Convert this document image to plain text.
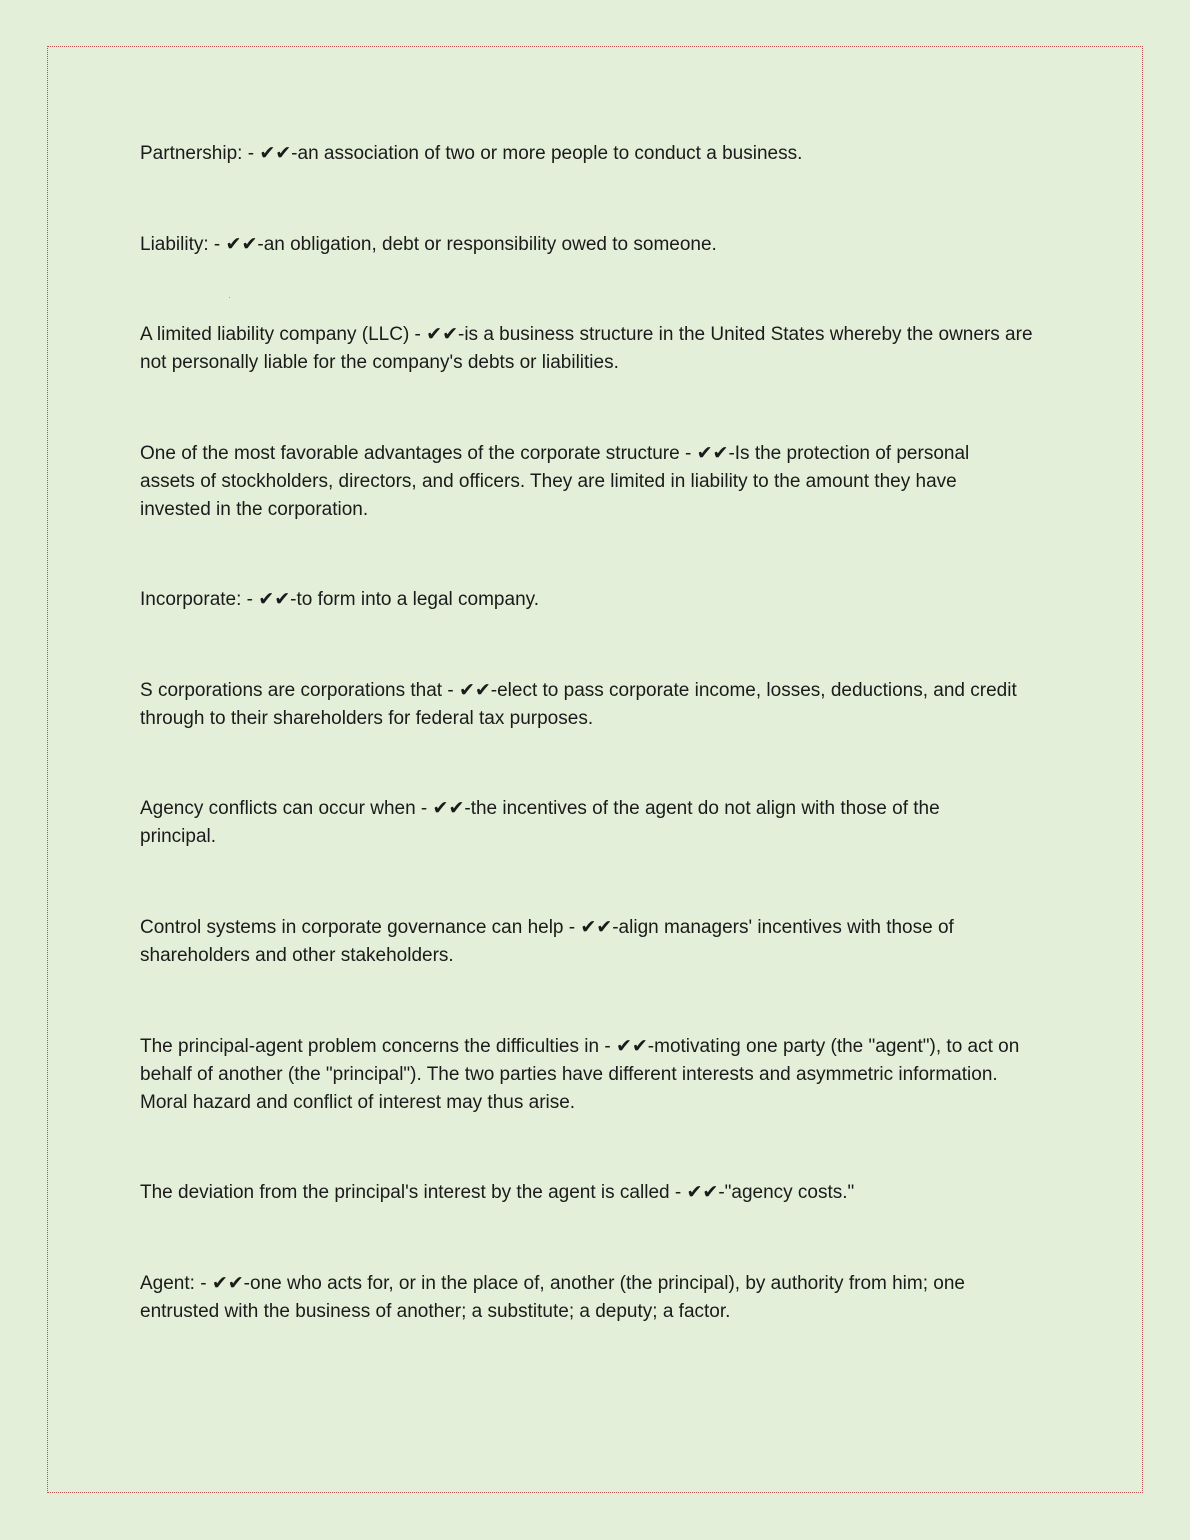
Partnership: - ✔✔-an association of two or more people to conduct a business.

Liability: - ✔✔-an obligation, debt or responsibility owed to someone.

A limited liability company (LLC) - ✔✔-is a business structure in the United States whereby the owners are not personally liable for the company's debts or liabilities.

One of the most favorable advantages of the corporate structure - ✔✔-Is the protection of personal assets of stockholders, directors, and officers. They are limited in liability to the amount they have invested in the corporation.

Incorporate: - ✔✔-to form into a legal company.

S corporations are corporations that - ✔✔-elect to pass corporate income, losses, deductions, and credit through to their shareholders for federal tax purposes.

Agency conflicts can occur when - ✔✔-the incentives of the agent do not align with those of the principal.

Control systems in corporate governance can help - ✔✔-align managers' incentives with those of shareholders and other stakeholders.

The principal-agent problem concerns the difficulties in - ✔✔-motivating one party (the "agent"), to act on behalf of another (the "principal"). The two parties have different interests and asymmetric information. Moral hazard and conflict of interest may thus arise.

The deviation from the principal's interest by the agent is called - ✔✔-"agency costs."

Agent: - ✔✔-one who acts for, or in the place of, another (the principal), by authority from him; one entrusted with the business of another; a substitute; a deputy; a factor.
